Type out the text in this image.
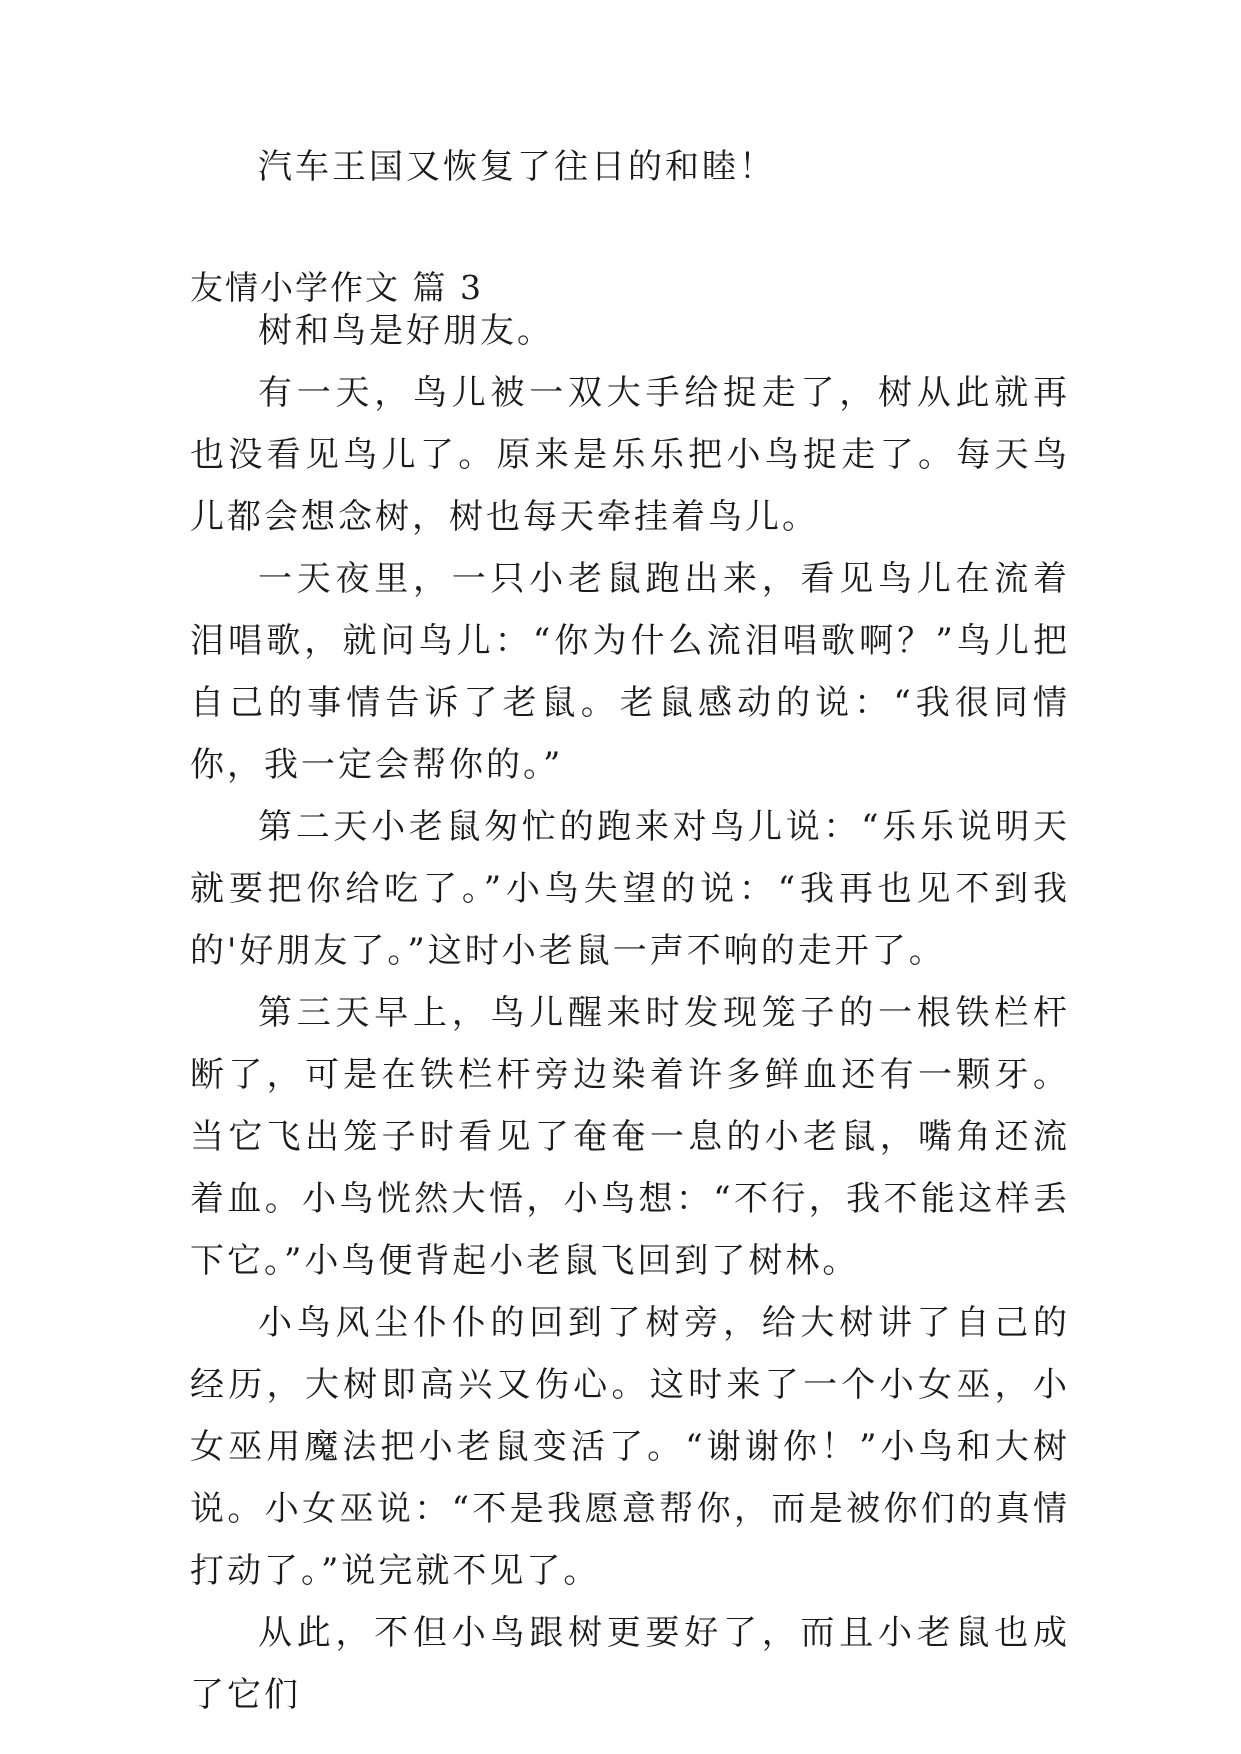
汽车王国又恢复了往日的和睦！

友情小学作文 篇 3

树和鸟是好朋友。

有一天，鸟儿被一双大手给捉走了，树从此就再也没看见鸟儿了。原来是乐乐把小鸟捉走了。每天鸟儿都会想念树，树也每天牵挂着鸟儿。

一天夜里，一只小老鼠跑出来，看见鸟儿在流着泪唱歌，就问鸟儿：“你为什么流泪唱歌啊？”鸟儿把自己的事情告诉了老鼠。老鼠感动的说：“我很同情你，我一定会帮你的。”

第二天小老鼠匆忙的跑来对鸟儿说：“乐乐说明天就要把你给吃了。”小鸟失望的说：“我再也见不到我的'好朋友了。”这时小老鼠一声不响的走开了。

第三天早上，鸟儿醒来时发现笼子的一根铁栏杆断了，可是在铁栏杆旁边染着许多鲜血还有一颗牙。当它飞出笼子时看见了奄奄一息的小老鼠，嘴角还流着血。小鸟恍然大悟，小鸟想：“不行，我不能这样丢下它。”小鸟便背起小老鼠飞回到了树林。

小鸟风尘仆仆的回到了树旁，给大树讲了自己的经历，大树即高兴又伤心。这时来了一个小女巫，小女巫用魔法把小老鼠变活了。“谢谢你！”小鸟和大树说。小女巫说：“不是我愿意帮你，而是被你们的真情打动了。”说完就不见了。

从此，不但小鸟跟树更要好了，而且小老鼠也成了它们
